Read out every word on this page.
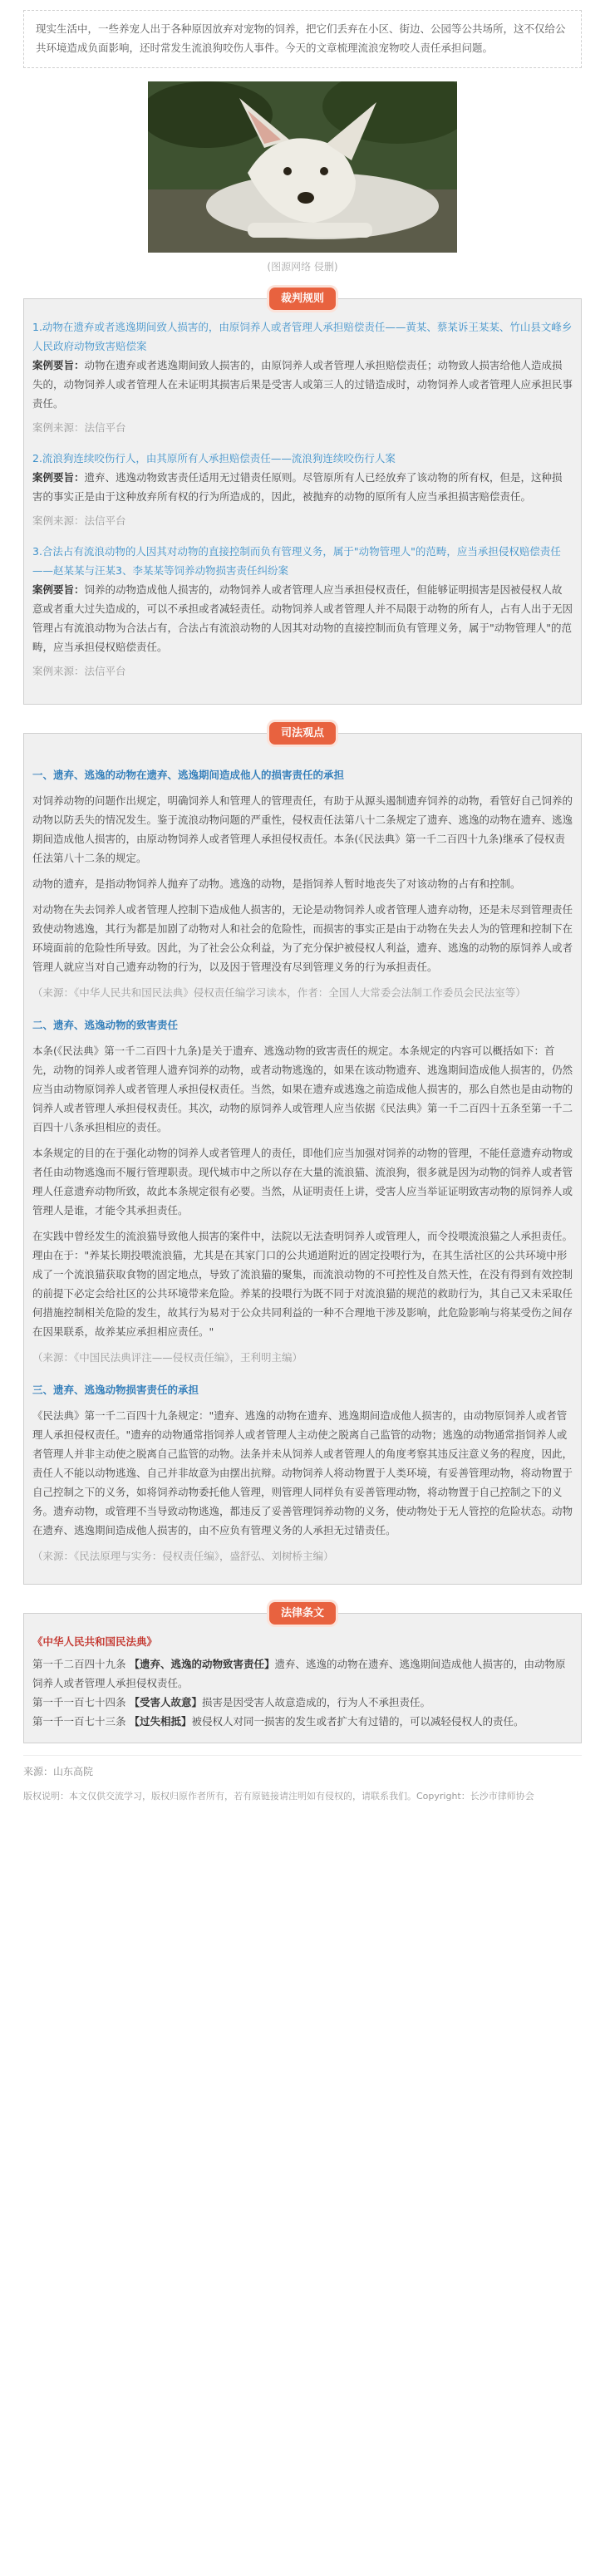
现实生活中，一些养宠人出于各种原因放弃对宠物的饲养，把它们丢弃在小区、街边、公园等公共场所，这不仅给公共环境造成负面影响，还时常发生流浪狗咬伤人事件。今天的文章梳理流浪宠物咬人责任承担问题。

(图源网络 侵删)
裁判规则
1.动物在遗弃或者逃逸期间致人损害的，由原饲养人或者管理人承担赔偿责任——黄某、蔡某诉王某某、竹山县文峰乡人民政府动物致害赔偿案
案例要旨：动物在遗弃或者逃逸期间致人损害的，由原饲养人或者管理人承担赔偿责任；动物致人损害给他人造成损失的，动物饲养人或者管理人在未证明其损害后果是受害人或第三人的过错造成时，动物饲养人或者管理人应承担民事责任。
案例来源：法信平台
2.流浪狗连续咬伤行人，由其原所有人承担赔偿责任——流浪狗连续咬伤行人案
案例要旨：遗弃、逃逸动物致害责任适用无过错责任原则。尽管原所有人已经放弃了该动物的所有权，但是，这种损害的事实正是由于这种放弃所有权的行为所造成的，因此，被抛弃的动物的原所有人应当承担损害赔偿责任。
案例来源：法信平台
3.合法占有流浪动物的人因其对动物的直接控制而负有管理义务，属于"动物管理人"的范畴，应当承担侵权赔偿责任——赵某某与汪某3、李某某等饲养动物损害责任纠纷案
案例要旨：饲养的动物造成他人损害的，动物饲养人或者管理人应当承担侵权责任，但能够证明损害是因被侵权人故意或者重大过失造成的，可以不承担或者减轻责任。动物饲养人或者管理人并不局限于动物的所有人，占有人出于无因管理占有流浪动物为合法占有，合法占有流浪动物的人因其对动物的直接控制而负有管理义务，属于"动物管理人"的范畴，应当承担侵权赔偿责任。
案例来源：法信平台
司法观点
一、遗弃、逃逸的动物在遗弃、逃逸期间造成他人的损害责任的承担

对饲养动物的问题作出规定，明确饲养人和管理人的管理责任，有助于从源头遏制遗弃饲养的动物，看管好自己饲养的动物以防丢失的情况发生。鉴于流浪动物问题的严重性，侵权责任法第八十二条规定了遗弃、逃逸的动物在遗弃、逃逸期间造成他人损害的，由原动物饲养人或者管理人承担侵权责任。本条(《民法典》第一千二百四十九条)继承了侵权责任法第八十二条的规定。

动物的遗弃，是指动物饲养人抛弃了动物。逃逸的动物，是指饲养人暂时地丧失了对该动物的占有和控制。

对动物在失去饲养人或者管理人控制下造成他人损害的，无论是动物饲养人或者管理人遗弃动物，还是未尽到管理责任致使动物逃逸，其行为都是加剧了动物对人和社会的危险性，而损害的事实正是由于动物在失去人为的管理和控制下在环境面前的危险性所导致。因此，为了社会公众利益，为了充分保护被侵权人利益，遗弃、逃逸的动物的原饲养人或者管理人就应当对自己遗弃动物的行为，以及因于管理没有尽到管理义务的行为承担责任。

（来源：《中华人民共和国民法典》侵权责任编学习读本，作者：全国人大常委会法制工作委员会民法室等）
二、遗弃、逃逸动物的致害责任

本条(《民法典》第一千二百四十九条)是关于遗弃、逃逸动物的致害责任的规定。本条规定的内容可以概括如下：首先，动物的饲养人或者管理人遗弃饲养的动物，或者动物逃逸的，如果在该动物遗弃、逃逸期间造成他人损害的，仍然应当由动物原饲养人或者管理人承担侵权责任。当然，如果在遗弃或逃逸之前造成他人损害的，那么自然也是由动物的饲养人或者管理人承担侵权责任。其次，动物的原饲养人或管理人应当依据《民法典》第一千二百四十五条至第一千二百四十八条承担相应的责任。

本条规定的目的在于强化动物的饲养人或者管理人的责任，即他们应当加强对饲养的动物的管理，不能任意遗弃动物或者任由动物逃逸而不履行管理职责。现代城市中之所以存在大量的流浪猫、流浪狗，很多就是因为动物的饲养人或者管理人任意遗弃动物所致，故此本条规定很有必要。当然，从证明责任上讲，受害人应当举证证明致害动物的原饲养人或管理人是谁，才能令其承担责任。

在实践中曾经发生的流浪猫导致他人损害的案件中，法院以无法查明饲养人或管理人，而令投喂流浪猫之人承担责任。理由在于："养某长期投喂流浪猫，尤其是在其家门口的公共通道附近的固定投喂行为，在其生活社区的公共环境中形成了一个流浪猫获取食物的固定地点，导致了流浪猫的聚集，而流浪动物的不可控性及自然天性，在没有得到有效控制的前提下必定会给社区的公共环境带来危险。养某的投喂行为既不同于对流浪猫的规范的救助行为，其自己又未采取任何措施控制相关危险的发生，故其行为易对于公众共同利益的一种不合理地干涉及影响，此危险影响与将某受伤之间存在因果联系，故养某应承担相应责任。"

（来源：《中国民法典评注——侵权责任编》，王利明主编）
三、遗弃、逃逸动物损害责任的承担

《民法典》第一千二百四十九条规定："遗弃、逃逸的动物在遗弃、逃逸期间造成他人损害的，由动物原饲养人或者管理人承担侵权责任。"遗弃的动物通常指饲养人或者管理人主动使之脱离自己监管的动物；逃逸的动物通常指饲养人或者管理人并非主动使之脱离自己监管的动物。法条并未从饲养人或者管理人的角度考察其违反注意义务的程度，因此，责任人不能以动物逃逸、自己并非故意为由摆出抗辩。动物饲养人将动物置于人类环境，有妥善管理动物，将动物置于自己控制之下的义务，如将饲养动物委托他人管理，则管理人同样负有妥善管理动物，将动物置于自己控制之下的义务。遗弃动物，或管理不当导致动物逃逸，都违反了妥善管理饲养动物的义务，使动物处于无人管控的危险状态。动物在遗弃、逃逸期间造成他人损害的，由不应负有管理义务的人承担无过错责任。

（来源：《民法原理与实务：侵权责任编》，盛舒弘、刘树桥主编）
法律条文
《中华人民共和国民法典》
第一千二百四十九条 【遗弃、逃逸的动物致害责任】遗弃、逃逸的动物在遗弃、逃逸期间造成他人损害的，由动物原饲养人或者管理人承担侵权责任。
第一千一百七十四条 【受害人故意】损害是因受害人故意造成的，行为人不承担责任。
第一千一百七十三条 【过失相抵】被侵权人对同一损害的发生或者扩大有过错的，可以减轻侵权人的责任。
来源：山东高院
版权说明：本文仅供交流学习，版权归原作者所有，若有原链接请注明如有侵权的，请联系我们。Copyright：长沙市律师协会
